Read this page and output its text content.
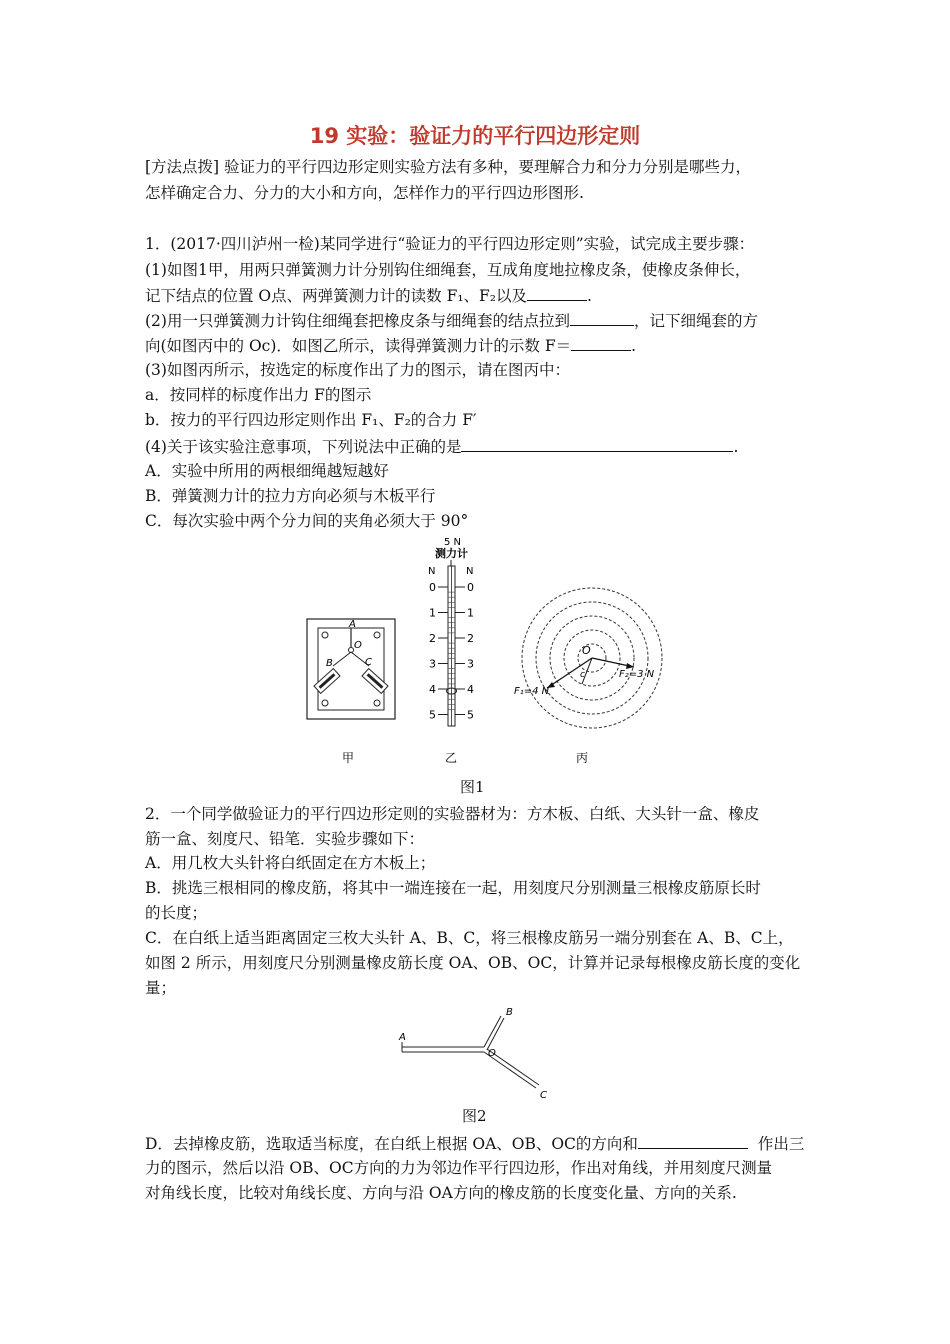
19 实验：验证力的平行四边形定则
[方法点拨] 验证力的平行四边形定则实验方法有多种，要理解合力和分力分别是哪些力，
怎样确定合力、分力的大小和方向，怎样作力的平行四边形图形.
1．(2017·四川泸州一检)某同学进行“验证力的平行四边形定则”实验，试完成主要步骤：
(1)如图1甲，用两只弹簧测力计分别钩住细绳套，互成角度地拉橡皮条，使橡皮条伸长，
记下结点的位置 O点、两弹簧测力计的读数 F₁、F₂以及	.
(2)用一只弹簧测力计钩住细绳套把橡皮条与细绳套的结点拉到	，记下细绳套的方
向(如图丙中的 Oc)．如图乙所示，读得弹簧测力计的示数 F＝	.
(3)如图丙所示，按选定的标度作出了力的图示，请在图丙中：
a．按同样的标度作出力 F的图示
b．按力的平行四边形定则作出 F₁、F₂的合力 F′
(4)关于该实验注意事项，下列说法中正确的是	.
A．实验中所用的两根细绳越短越好
B．弹簧测力计的拉力方向必须与木板平行
C．每次实验中两个分力间的夹角必须大于 90°
A
O
B	C
5 N
测力计
N	N
0	0
1	1
2	2
3	3
4	4
5	5
O
c
F₁=4 N
F₂=3 N
甲	乙	丙
图1
2．一个同学做验证力的平行四边形定则的实验器材为：方木板、白纸、大头针一盒、橡皮
筋一盒、刻度尺、铅笔．实验步骤如下：
A．用几枚大头针将白纸固定在方木板上；
B．挑选三根相同的橡皮筋，将其中一端连接在一起，用刻度尺分别测量三根橡皮筋原长时
的长度；
C．在白纸上适当距离固定三枚大头针 A、B、C，将三根橡皮筋另一端分别套在 A、B、C上，
如图 2 所示，用刻度尺分别测量橡皮筋长度 OA、OB、OC，计算并记录每根橡皮筋长度的变化
量；
A
B
O
C
图2
D．去掉橡皮筋，选取适当标度，在白纸上根据 OA、OB、OC的方向和	作出三
力的图示，然后以沿 OB、OC方向的力为邻边作平行四边形，作出对角线，并用刻度尺测量
对角线长度，比较对角线长度、方向与沿 OA方向的橡皮筋的长度变化量、方向的关系.
